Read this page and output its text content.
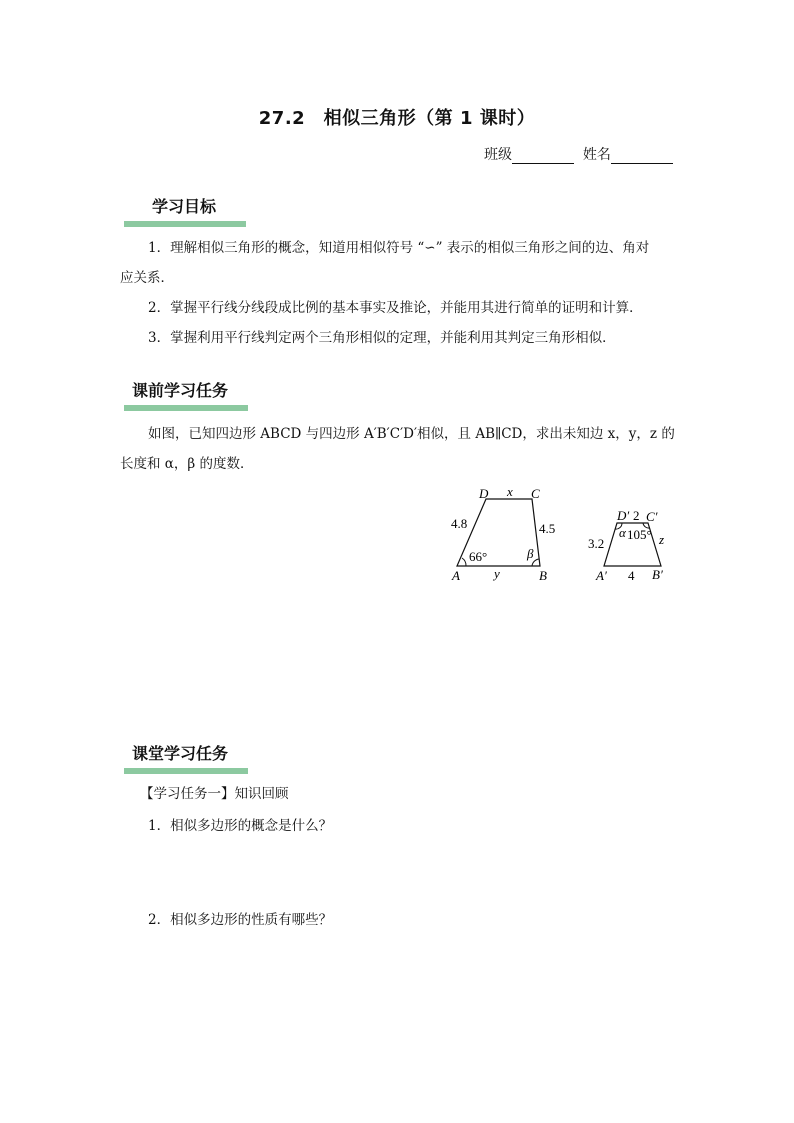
27.2　相似三角形（第 1 课时）
班级	姓名
学习目标
1．理解相似三角形的概念，知道用相似符号 “∽” 表示的相似三角形之间的边、角对
应关系．
2．掌握平行线分线段成比例的基本事实及推论，并能用其进行简单的证明和计算．
3．掌握利用平行线判定两个三角形相似的定理，并能利用其判定三角形相似．
课前学习任务
如图，已知四边形 ABCD 与四边形 A′B′C′D′相似，且 AB∥CD，求出未知边 x，y，z 的
长度和 α，β 的度数．
D	C
x
4.8	4.5
66°	β
A	y	B
D′ 2 C′
α 105°
3.2	z
A′ 4 B′
课堂学习任务
【学习任务一】知识回顾
1．相似多边形的概念是什么？
2．相似多边形的性质有哪些？
